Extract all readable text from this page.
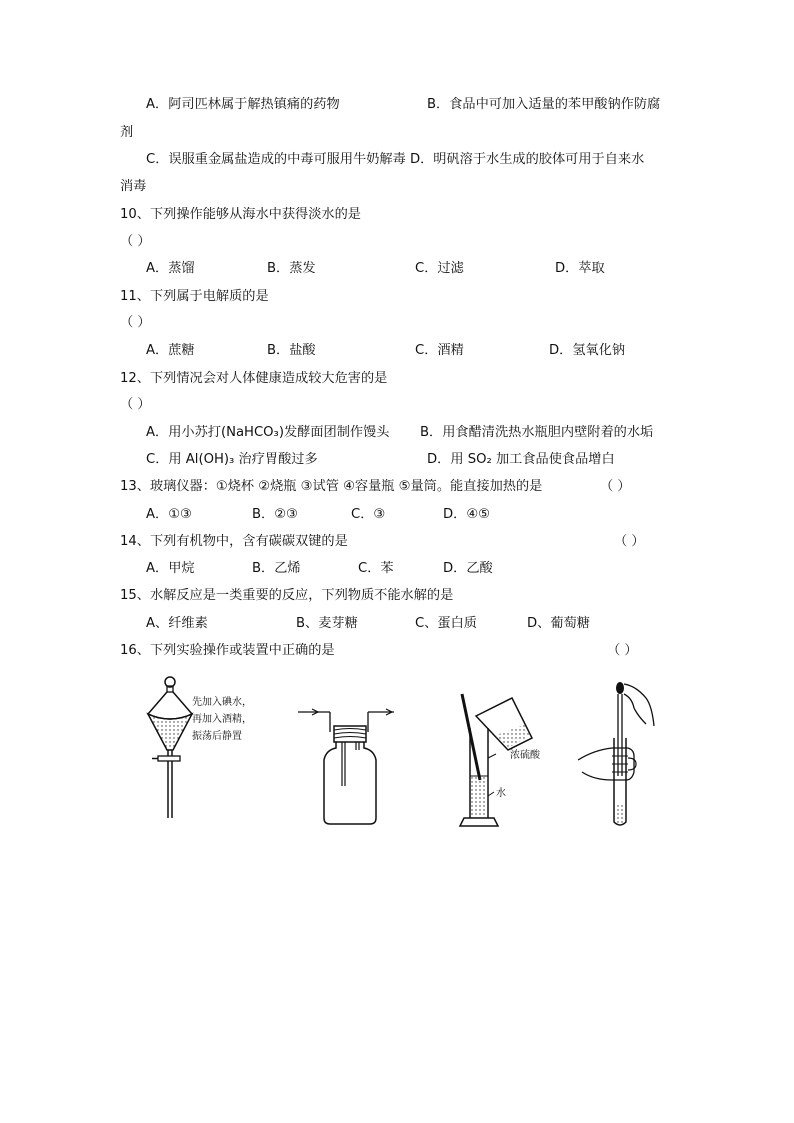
A．阿司匹林属于解热镇痛的药物	B．食品中可加入适量的苯甲酸钠作防腐
剂
C．误服重金属盐造成的中毒可服用牛奶解毒 D．明矾溶于水生成的胶体可用于自来水
消毒
10、下列操作能够从海水中获得淡水的是
（ ）
A．蒸馏	B．蒸发	C．过滤	D．萃取
11、下列属于电解质的是
（ ）
A．蔗糖	B．盐酸	C．酒精	D．氢氧化钠
12、下列情况会对人体健康造成较大危害的是
（ ）
A．用小苏打(NaHCO₃)发酵面团制作馒头 B．用食醋清洗热水瓶胆内壁附着的水垢
C．用 Al(OH)₃ 治疗胃酸过多	D．用 SO₂ 加工食品使食品增白
13、玻璃仪器：①烧杯 ②烧瓶 ③试管 ④容量瓶 ⑤量筒。能直接加热的是	（ ）
A．①③	B．②③	C．③	D．④⑤
14、下列有机物中，含有碳碳双键的是	（ ）
A．甲烷	B．乙烯	C．苯	D．乙酸
15、水解反应是一类重要的反应，下列物质不能水解的是
A、纤维素	B、麦芽糖	C、蛋白质	D、葡萄糖
16、下列实验操作或装置中正确的是	（ ）
先加入碘水，
再加入酒精，
振荡后静置
浓硫酸
水
